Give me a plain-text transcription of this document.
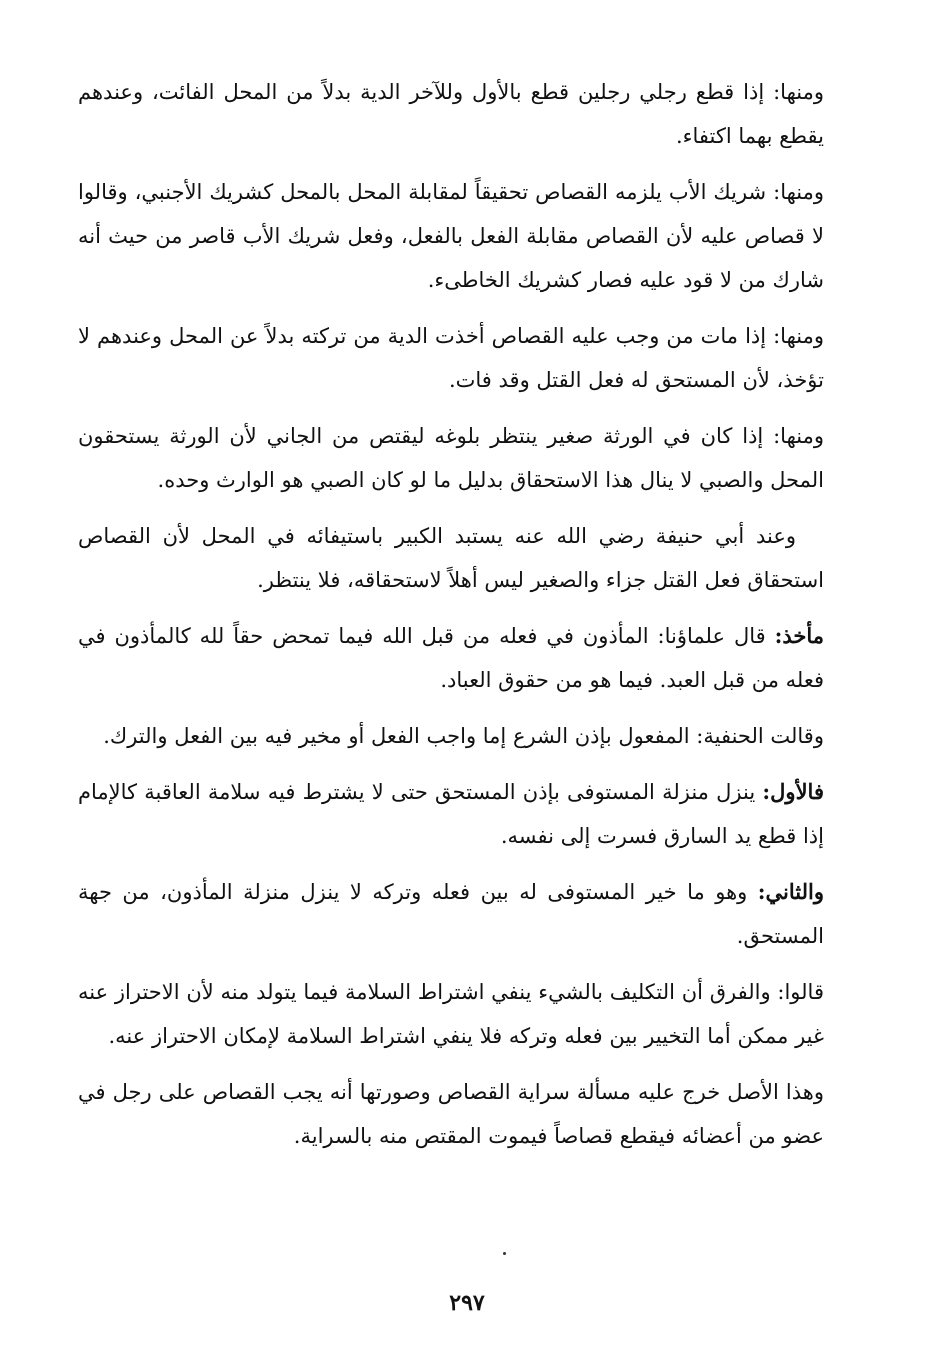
ومنها: إذا قطع رجلي رجلين قطع بالأول وللآخر الدية بدلاً من المحل الفائت، وعندهم يقطع بهما اكتفاء.

ومنها: شريك الأب يلزمه القصاص تحقيقاً لمقابلة المحل بالمحل كشريك الأجنبي، وقالوا لا قصاص عليه لأن القصاص مقابلة الفعل بالفعل، وفعل شريك الأب قاصر من حيث أنه شارك من لا قود عليه فصار كشريك الخاطىء.

ومنها: إذا مات من وجب عليه القصاص أخذت الدية من تركته بدلاً عن المحل وعندهم لا تؤخذ، لأن المستحق له فعل القتل وقد فات.

ومنها: إذا كان في الورثة صغير ينتظر بلوغه ليقتص من الجاني لأن الورثة يستحقون المحل والصبي لا ينال هذا الاستحقاق بدليل ما لو كان الصبي هو الوارث وحده.

وعند أبي حنيفة رضي الله عنه يستبد الكبير باستيفائه في المحل لأن القصاص استحقاق فعل القتل جزاء والصغير ليس أهلاً لاستحقاقه، فلا ينتظر.

مأخذ: قال علماؤنا: المأذون في فعله من قبل الله فيما تمحض حقاً لله كالمأذون في فعله من قبل العبد. فيما هو من حقوق العباد.

وقالت الحنفية: المفعول بإذن الشرع إما واجب الفعل أو مخير فيه بين الفعل والترك.

فالأول: ينزل منزلة المستوفى بإذن المستحق حتى لا يشترط فيه سلامة العاقبة كالإمام إذا قطع يد السارق فسرت إلى نفسه.

والثاني: وهو ما خير المستوفى له بين فعله وتركه لا ينزل منزلة المأذون، من جهة المستحق.

قالوا: والفرق أن التكليف بالشيء ينفي اشتراط السلامة فيما يتولد منه لأن الاحتراز عنه غير ممكن أما التخيير بين فعله وتركه فلا ينفي اشتراط السلامة لإمكان الاحتراز عنه.

وهذا الأصل خرج عليه مسألة سراية القصاص وصورتها أنه يجب القصاص على رجل في عضو من أعضائه فيقطع قصاصاً فيموت المقتص منه بالسراية.

٢٩٧
